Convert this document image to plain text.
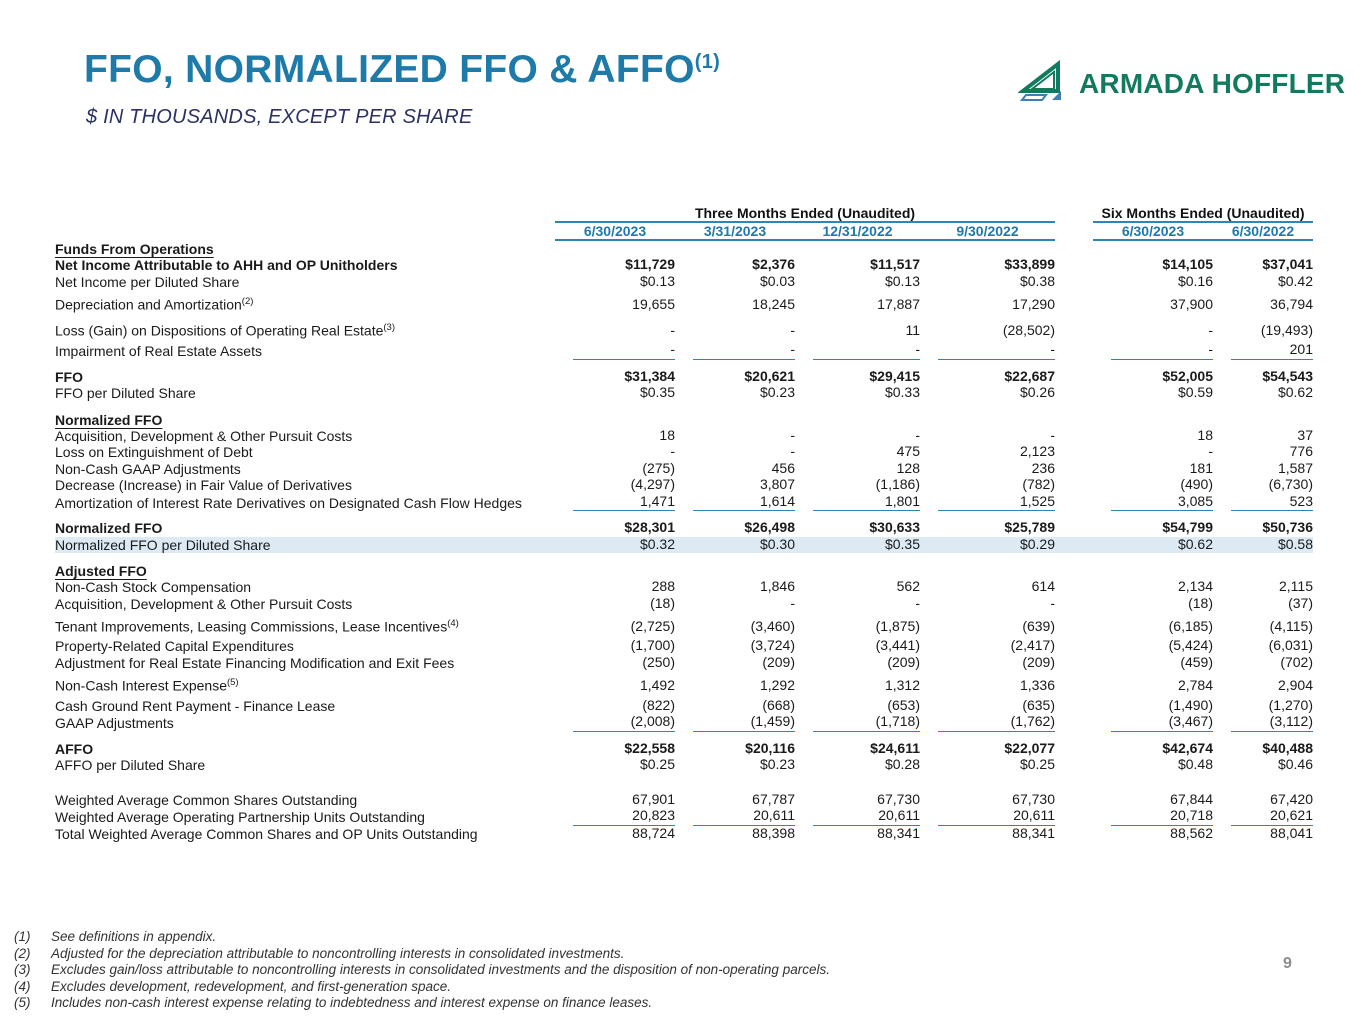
FFO, NORMALIZED FFO & AFFO$^{(1)}$
$ IN THOUSANDS, EXCEPT PER SHARE
ARMADA HOFFLER
	Three Months Ended (Unaudited)					Six Months Ended (Unaudited)	
	6/30/2023	3/31/2023	12/31/2022	9/30/2022		6/30/2023	6/30/2022
Funds From Operations							
Net Income Attributable to AHH and OP Unitholders	$11,729	$2,376	$11,517	$33,899		$14,105	$37,041

Net Income per Diluted Share	$0.13	$0.03	$0.13	$0.38		$0.16	$0.42

Depreciation and Amortization$^{(2)}$	19,655	18,245	17,887	17,290		37,900	36,794

Loss (Gain) on Dispositions of Operating Real Estate$^{(3)}$	-	-	11	(28,502)		-	(19,493)

Impairment of Real Estate Assets	-	-	-	-		-	201

FFO	$31,384	$20,621	$29,415	$22,687		$52,005	$54,543

FFO per Diluted Share	$0.35	$0.23	$0.33	$0.26		$0.59	$0.62

Normalized FFO							
Acquisition, Development & Other Pursuit Costs	18	-	-	-		18	37

Loss on Extinguishment of Debt	-	-	475	2,123		-	776

Non-Cash GAAP Adjustments	(275)	456	128	236		181	1,587

Decrease (Increase) in Fair Value of Derivatives	(4,297)	3,807	(1,186)	(782)		(490)	(6,730)

Amortization of Interest Rate Derivatives on Designated Cash Flow Hedges	1,471	1,614	1,801	1,525		3,085	523

Normalized FFO	$28,301	$26,498	$30,633	$25,789		$54,799	$50,736

Normalized FFO per Diluted Share	$0.32	$0.30	$0.35	$0.29		$0.62	$0.58

Adjusted FFO							
Non-Cash Stock Compensation	288	1,846	562	614		2,134	2,115

Acquisition, Development & Other Pursuit Costs	(18)	-	-	-		(18)	(37)

Tenant Improvements, Leasing Commissions, Lease Incentives$^{(4)}$	(2,725)	(3,460)	(1,875)	(639)		(6,185)	(4,115)

Property-Related Capital Expenditures	(1,700)	(3,724)	(3,441)	(2,417)		(5,424)	(6,031)

Adjustment for Real Estate Financing Modification and Exit Fees	(250)	(209)	(209)	(209)		(459)	(702)

Non-Cash Interest Expense$^{(5)}$	1,492	1,292	1,312	1,336		2,784	2,904

Cash Ground Rent Payment - Finance Lease	(822)	(668)	(653)	(635)		(1,490)	(1,270)

GAAP Adjustments	(2,008)	(1,459)	(1,718)	(1,762)		(3,467)	(3,112)

AFFO	$22,558	$20,116	$24,611	$22,077		$42,674	$40,488

AFFO per Diluted Share	$0.25	$0.23	$0.28	$0.25		$0.48	$0.46

Weighted Average Common Shares Outstanding	67,901	67,787	67,730	67,730		67,844	67,420

Weighted Average Operating Partnership Units Outstanding	20,823	20,611	20,611	20,611		20,718	20,621

Total Weighted Average Common Shares and OP Units Outstanding	88,724	88,398	88,341	88,341		88,562	88,041
(1)	See definitions in appendix.
(2)	Adjusted for the depreciation attributable to noncontrolling interests in consolidated investments.
(3)	Excludes gain/loss attributable to noncontrolling interests in consolidated investments and the disposition of non-operating parcels.
(4)	Excludes development, redevelopment, and first-generation space.
(5)	Includes non-cash interest expense relating to indebtedness and interest expense on finance leases.
9
